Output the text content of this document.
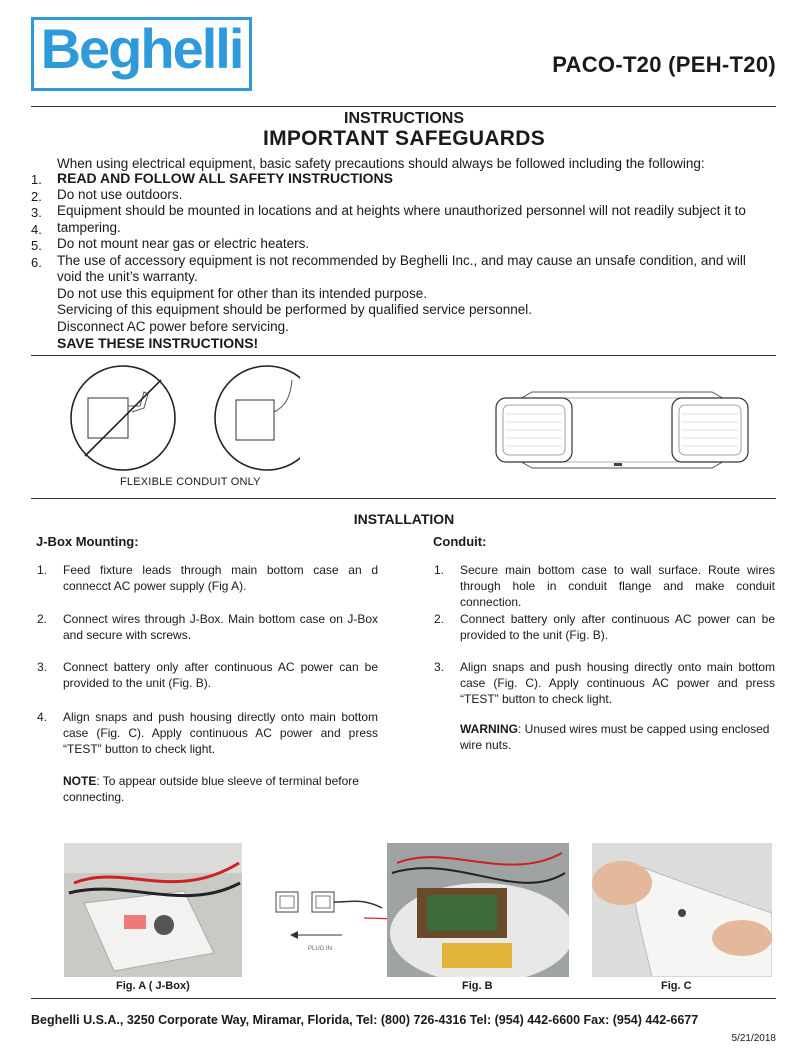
Beghelli	PACO-T20 (PEH-T20)
INSTRUCTIONS
IMPORTANT SAFEGUARDS
When using electrical equipment, basic safety precautions should always be followed including the following:
1.
2.
3.
4.
5.
6.
READ AND FOLLOW ALL SAFETY INSTRUCTIONS
Do not use outdoors.
Equipment should be mounted in locations and at heights where unauthorized personnel will not readily subject it to
tampering.
Do not mount near gas or electric heaters.
The use of accessory equipment is not recommended by Beghelli Inc., and may cause an unsafe condition, and will
void the unit’s warranty.
Do not use this equipment for other than its intended purpose.
Servicing of this equipment should be performed by qualified service personnel.
Disconnect AC power before servicing.
SAVE THESE INSTRUCTIONS!
FLEXIBLE CONDUIT ONLY
INSTALLATION
J-Box Mounting:	Conduit:
1. Feed fixture leads through main bottom case an d connecct AC power supply (Fig A).
2. Connect wires through J-Box. Main bottom case on J-Box and secure with screws.
3. Connect battery only after continuous AC power can be provided to the unit (Fig. B).
4. Align snaps and push housing directly onto main bottom case (Fig. C). Apply continuous AC power and press “TEST” button to check light.
NOTE: To appear outside blue sleeve of terminal before connecting.
1. Secure main bottom case to wall surface. Route wires through hole in conduit flange and make conduit connection.
2. Connect battery only after continuous AC power can be provided to the unit (Fig. B).
3. Align snaps and push housing directly onto main bottom case (Fig. C). Apply continuous AC power and press “TEST” button to check light.
WARNING: Unused wires must be capped using enclosed wire nuts.
PLUG IN
Fig. A ( J-Box)	Fig. B	Fig. C
Beghelli U.S.A., 3250 Corporate Way, Miramar, Florida, Tel: (800) 726-4316 Tel: (954) 442-6600 Fax: (954) 442-6677
5/21/2018
